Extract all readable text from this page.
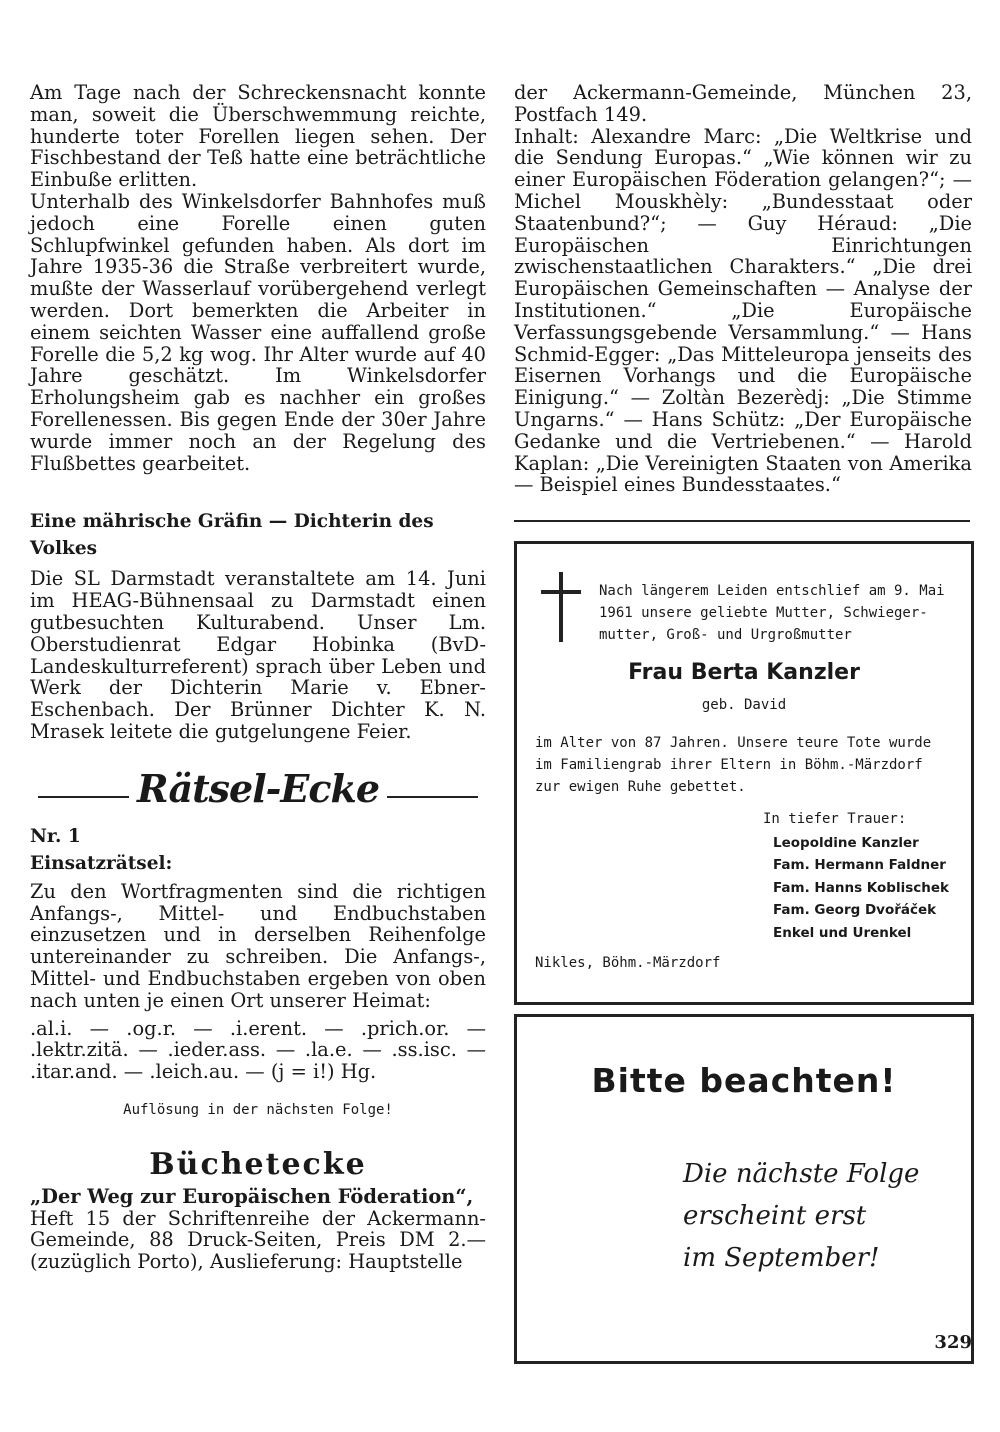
Am Tage nach der Schreckensnacht konnte man, soweit die Überschwemmung reichte, hunderte toter Forellen liegen sehen. Der Fischbestand der Teß hatte eine beträchtliche Einbuße erlitten.

Unterhalb des Winkelsdorfer Bahnhofes muß jedoch eine Forelle einen guten Schlupfwinkel gefunden haben. Als dort im Jahre 1935-36 die Straße verbreitert wurde, mußte der Wasserlauf vorübergehend verlegt werden. Dort bemerkten die Arbeiter in einem seichten Wasser eine auffallend große Forelle die 5,2 kg wog. Ihr Alter wurde auf 40 Jahre geschätzt. Im Winkelsdorfer Erholungsheim gab es nachher ein großes Forellenessen. Bis gegen Ende der 30er Jahre wurde immer noch an der Regelung des Flußbettes gearbeitet.

Eine mährische Gräfin — Dichterin des Volkes

Die SL Darmstadt veranstaltete am 14. Juni im HEAG-Bühnensaal zu Darmstadt einen gutbesuchten Kulturabend. Unser Lm. Oberstudienrat Edgar Hobinka (BvD-Landeskulturreferent) sprach über Leben und Werk der Dichterin Marie v. Ebner-Eschenbach. Der Brünner Dichter K. N. Mrasek leitete die gutgelungene Feier.

Rätsel-Ecke
Nr. 1
Einsatzrätsel:

Zu den Wortfragmenten sind die richtigen Anfangs-, Mittel- und Endbuchstaben einzusetzen und in derselben Reihenfolge untereinander zu schreiben. Die Anfangs-, Mittel- und Endbuchstaben ergeben von oben nach unten je einen Ort unserer Heimat:

.al.i. — .og.r. — .i.erent. — .prich.or. —

.lektr.zitä. — .ieder.ass. — .la.e. — .ss.isc. —

.itar.and. — .leich.au. — (j = i!) Hg.

Auflösung in der nächsten Folge!
Büchetecke

„Der Weg zur Europäischen Föderation“,

Heft 15 der Schriftenreihe der Ackermann-Gemeinde, 88 Druck-Seiten, Preis DM 2.— (zuzüglich Porto), Auslieferung: Hauptstelle

der Ackermann-Gemeinde, München 23, Postfach 149.

Inhalt: Alexandre Marc: „Die Weltkrise und die Sendung Europas.“ „Wie können wir zu einer Europäischen Föderation gelangen?“; — Michel Mouskhèly: „Bundesstaat oder Staatenbund?“; — Guy Héraud: „Die Europäischen Einrichtungen zwischenstaatlichen Charakters.“ „Die drei Europäischen Gemeinschaften — Analyse der Institutionen.“ „Die Europäische Verfassungsgebende Versammlung.“ — Hans Schmid-Egger: „Das Mitteleuropa jenseits des Eisernen Vorhangs und die Europäische Einigung.“ — Zoltàn Bezerèdj: „Die Stimme Ungarns.“ — Hans Schütz: „Der Europäische Gedanke und die Vertriebenen.“ — Harold Kaplan: „Die Vereinigten Staaten von Amerika — Beispiel eines Bundesstaates.“

Nach längerem Leiden entschlief am 9. Mai
1961 unsere geliebte Mutter, Schwieger-
mutter, Groß- und Urgroßmutter
Frau Berta Kanzler
geb. David
im Alter von 87 Jahren. Unsere teure Tote wurde
im Familiengrab ihrer Eltern in Böhm.-Märzdorf
zur ewigen Ruhe gebettet.
In tiefer Trauer:
Leopoldine Kanzler
Fam. Hermann Faldner
Fam. Hanns Koblischek
Fam. Georg Dvořáček
Enkel und Urenkel
Nikles, Böhm.-Märzdorf
Bitte beachten!
Die nächste Folge
erscheint erst
im September!
329
